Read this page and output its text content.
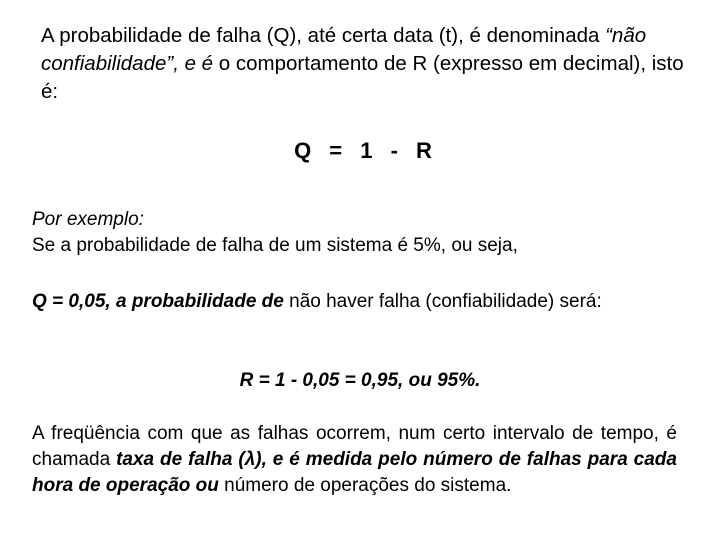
A probabilidade de falha (Q), até certa data (t), é denominada “não confiabilidade”, e é o comportamento de R (expresso em decimal), isto é:
Q = 1 - R
Por exemplo:
Se a probabilidade de falha de um sistema é 5%, ou seja,
Q = 0,05, a probabilidade de não haver falha (confiabilidade) será:
R = 1 - 0,05 = 0,95, ou 95%.
A freqüência com que as falhas ocorrem, num certo intervalo de tempo, é chamada taxa de falha (λ), e é medida pelo número de falhas para cada hora de operação ou número de operações do sistema.
